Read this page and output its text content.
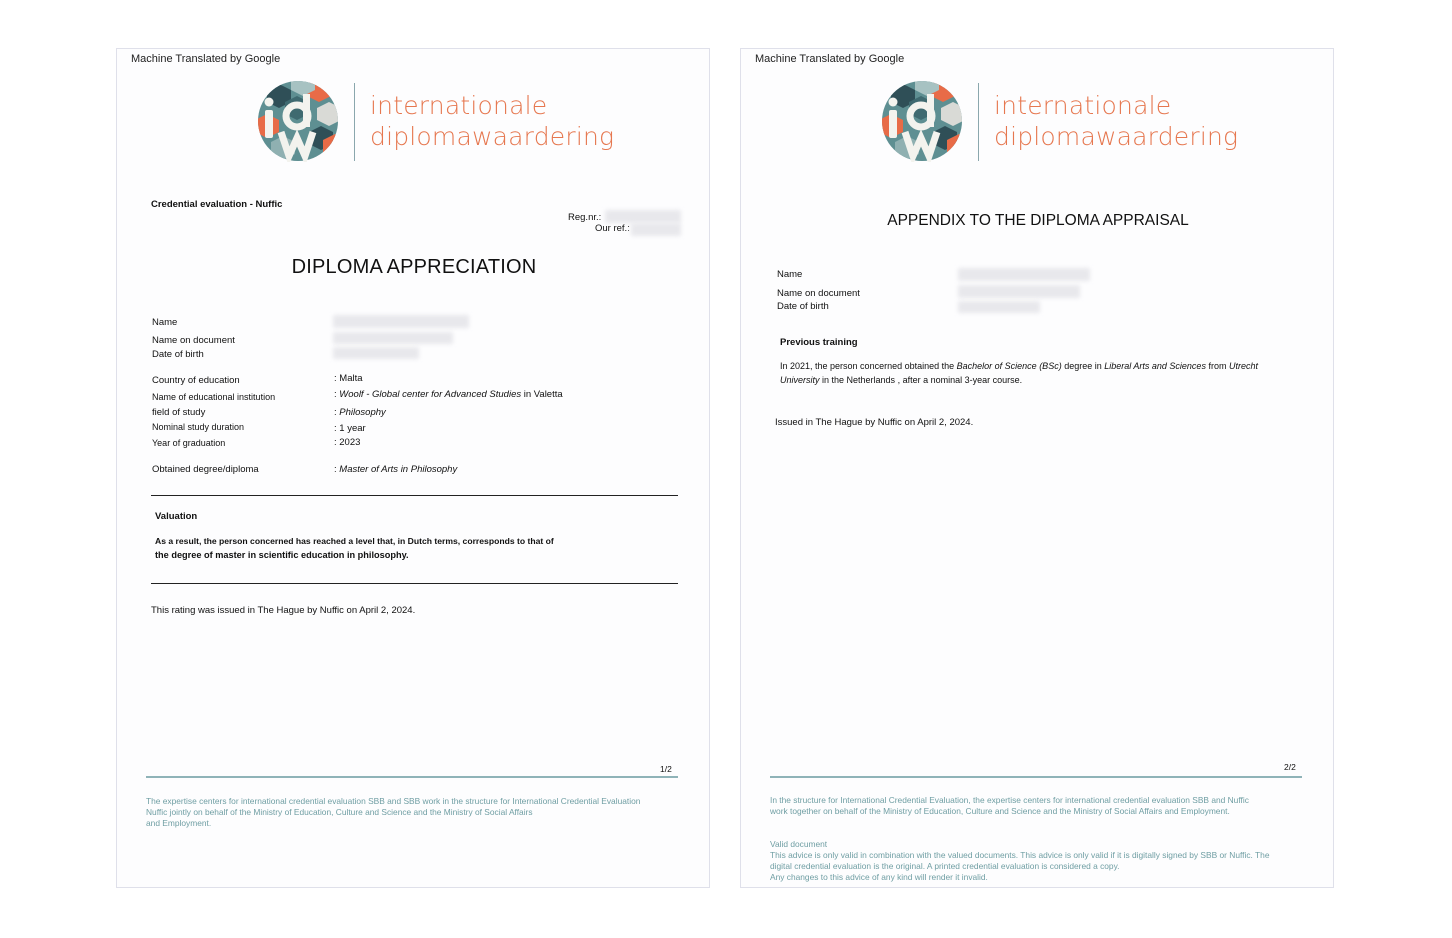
Machine Translated by Google
internationale
diplomawaardering
Credential evaluation - Nuffic
Reg.nr.:
Our ref.:
DIPLOMA APPRECIATION
Name
Name on document
Date of birth
Country of education	: Malta
Name of educational institution	: Woolf - Global center for Advanced Studies in Valetta
field of study	: Philosophy
Nominal study duration	: 1 year
Year of graduation	: 2023
Obtained degree/diploma	: Master of Arts in Philosophy
Valuation
As a result, the person concerned has reached a level that, in Dutch terms, corresponds to that of
the degree of master in scientific education in philosophy.
This rating was issued in The Hague by Nuffic on April 2, 2024.
1/2
The expertise centers for international credential evaluation SBB and SBB work in the structure for International Credential Evaluation
Nuffic jointly on behalf of the Ministry of Education, Culture and Science and the Ministry of Social Affairs
and Employment.
Machine Translated by Google
internationale
diplomawaardering
APPENDIX TO THE DIPLOMA APPRAISAL
Name
Name on document
Date of birth
Previous training
In 2021, the person concerned obtained the Bachelor of Science (BSc) degree in Liberal Arts and Sciences from Utrecht
University in the Netherlands , after a nominal 3-year course.
Issued in The Hague by Nuffic on April 2, 2024.
2/2
In the structure for International Credential Evaluation, the expertise centers for international credential evaluation SBB and Nuffic
work together on behalf of the Ministry of Education, Culture and Science and the Ministry of Social Affairs and Employment.
Valid document
This advice is only valid in combination with the valued documents. This advice is only valid if it is digitally signed by SBB or Nuffic. The
digital credential evaluation is the original. A printed credential evaluation is considered a copy.
Any changes to this advice of any kind will render it invalid.
